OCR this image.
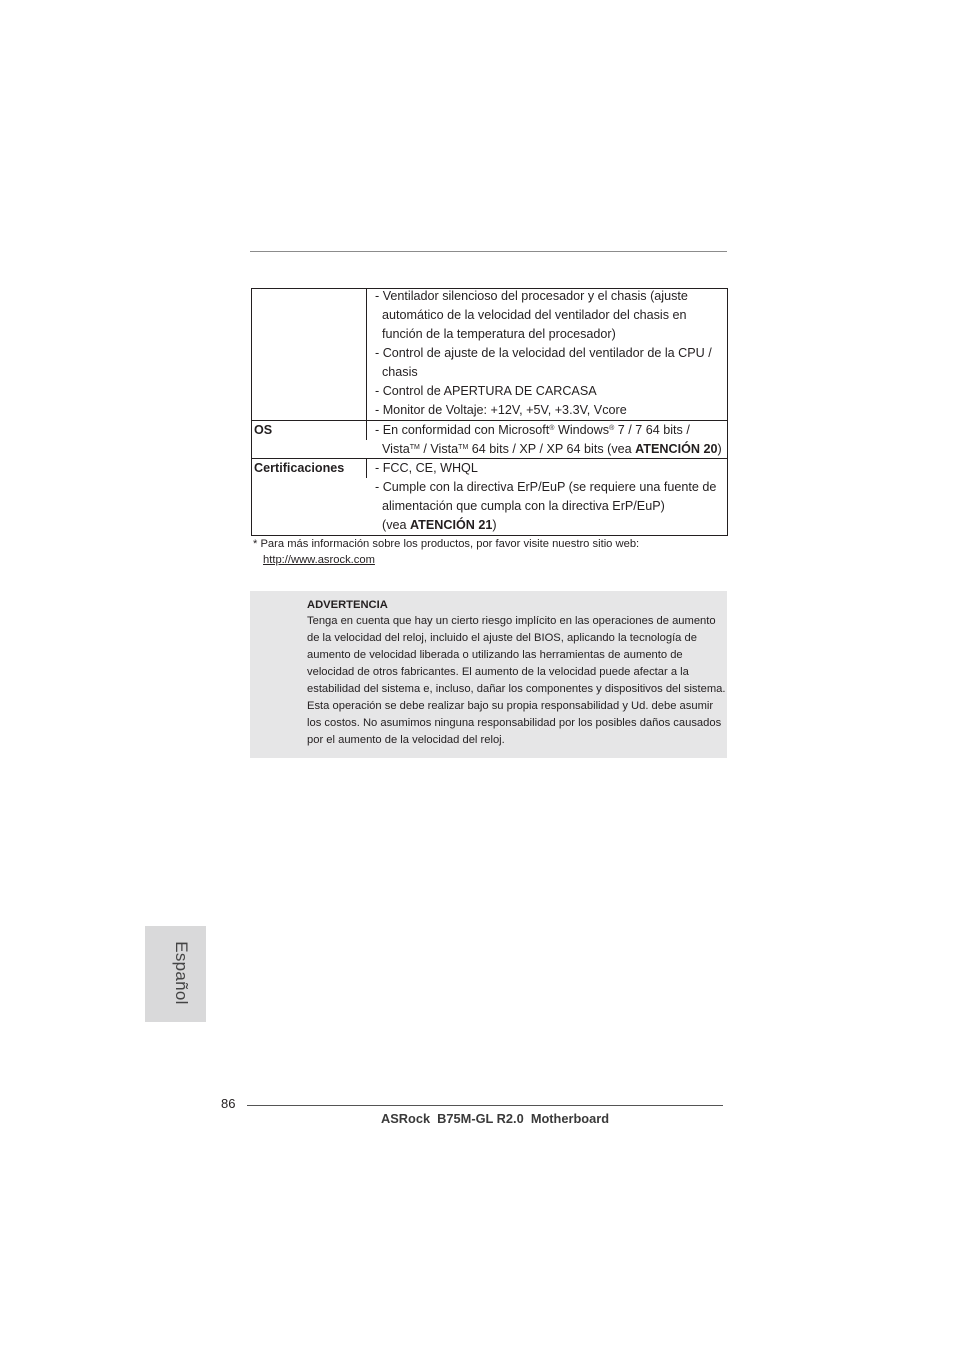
- Ventilador silencioso del procesador y el chasis (ajuste
automático de la velocidad del ventilador del chasis en
función de la temperatura del procesador)
- Control de ajuste de la velocidad del ventilador de la CPU /
chasis
- Control de APERTURA DE CARCASA
- Monitor de Voltaje: +12V, +5V, +3.3V, Vcore
OS	- En conformidad con Microsoft® Windows® 7 / 7 64 bits /
Vista™ / Vista™ 64 bits / XP / XP 64 bits (vea ATENCIÓN 20)
Certificaciones	- FCC, CE, WHQL
- Cumple con la directiva ErP/EuP (se requiere una fuente de
alimentación que cumpla con la directiva ErP/EuP)
(vea ATENCIÓN 21)
* Para más información sobre los productos, por favor visite nuestro sitio web:
http://www.asrock.com
ADVERTENCIA
Tenga en cuenta que hay un cierto riesgo implícito en las operaciones de aumento
de la velocidad del reloj, incluido el ajuste del BIOS, aplicando la tecnología de
aumento de velocidad liberada o utilizando las herramientas de aumento de
velocidad de otros fabricantes. El aumento de la velocidad puede afectar a la
estabilidad del sistema e, incluso, dañar los componentes y dispositivos del sistema.
Esta operación se debe realizar bajo su propia responsabilidad y Ud. debe asumir
los costos. No asumimos ninguna responsabilidad por los posibles daños causados
por el aumento de la velocidad del reloj.
Español
86
ASRock  B75M-GL R2.0  Motherboard
